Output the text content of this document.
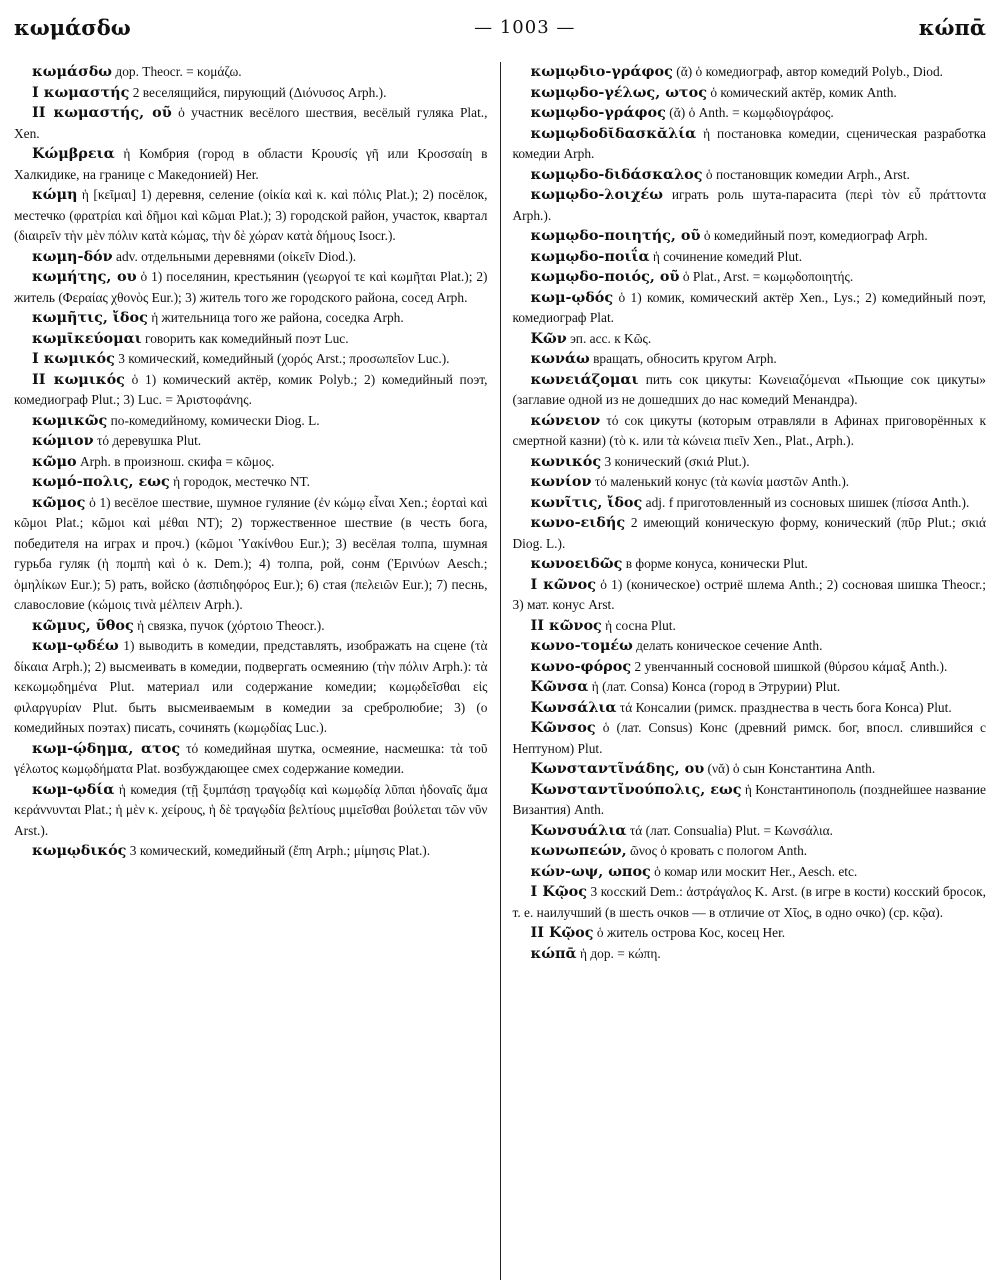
κωμάσδω	— 1003 —	κώπᾱ

κωμάσδω дор. Theocr. = κομάζω.

I κωμαστής 2 веселящийся, пирующий (Διόνυσος Arph.).

II κωμαστής, οῦ ὁ участник весёлого шествия, весёлый гуляка Plat., Xen.

Κώμβρεια ἡ Комбрия (город в области Κρουσίς γῆ или Κροσσαίη в Халкидике, на границе с Македонией) Her.

κώμη ἡ [κεῖμαι] 1) деревня, селение (οἰκία καὶ κ. καὶ πόλις Plat.); 2) посёлок, местечко (φρατρίαι καὶ δῆμοι καὶ κῶμαι Plat.); 3) городской район, участок, квартал (διαιρεῖν τὴν μὲν πόλιν κατὰ κώμας, τὴν δὲ χώραν κατὰ δήμους Isocr.).

κωμη-δόν adv. отдельными деревнями (οἰκεῖν Diod.).

κωμήτης, ου ὁ 1) поселянин, крестьянин (γεωργοί τε καὶ κωμῆται Plat.); 2) житель (Φεραίας χθονὸς Eur.); 3) житель того же городского района, сосед Arph.

κωμῆτις, ἴδος ἡ жительница того же района, соседка Arph.

κωμῑκεύομαι говорить как комедийный поэт Luc.

I κωμικός 3 комический, комедийный (χορός Arst.; προσωπεῖον Luc.).

II κωμικός ὁ 1) комический актёр, комик Polyb.; 2) комедийный поэт, комедиограф Plut.; 3) Luc. = Ἀριστοφάνης.

κωμικῶς по-комедийному, комически Diog. L.

κώμιον τό деревушка Plut.

κῶμο Arph. в произнош. скифа = κῶμος.

κωμό-πολις, εως ἡ городок, местечко NT.

κῶμος ὁ 1) весёлое шествие, шумное гуляние (ἐν κώμῳ εἶναι Xen.; ἑορταὶ καὶ κῶμοι Plat.; κῶμοι καὶ μέθαι NT); 2) торжественное шествие (в честь бога, победителя на играх и проч.) (κῶμοι Ὑακίνθου Eur.); 3) весёлая толпа, шумная гурьба гуляк (ἡ πομπὴ καὶ ὁ κ. Dem.); 4) толпа, рой, сонм (Ἐρινύων Aesch.; ὁμηλίκων Eur.); 5) рать, войско (ἀσπιδηφόρος Eur.); 6) стая (πελειῶν Eur.); 7) песнь, славословие (κώμοις τινὰ μέλπειν Arph.).

κῶμυς, ῦθος ἡ связка, пучок (χόρτοιο Theocr.).

κωμ-ῳδέω 1) выводить в комедии, представлять, изображать на сцене (τὰ δίκαια Arph.); 2) высмеивать в комедии, подвергать осмеянию (τὴν πόλιν Arph.): τὰ κεκωμῳδημένα Plut. материал или содержание комедии; κωμῳδεῖσθαι εἰς φιλαργυρίαν Plut. быть высмеиваемым в комедии за сребролюбие; 3) (о комедийных поэтах) писать, сочинять (κωμῳδίας Luc.).

κωμ-ῴδημα, ατος τό комедийная шутка, осмеяние, насмешка: τὰ τοῦ γέλωτος κωμῳδήματα Plat. возбуждающее смех содержание комедии.

κωμ-ῳδία ἡ комедия (τῇ ξυμπάσῃ τραγῳδίᾳ καὶ κωμῳδίᾳ λῦπαι ἡδοναῖς ἅμα κεράννυνται Plat.; ἡ μὲν κ. χείρους, ἡ δὲ τραγῳδία βελτίους μιμεῖσθαι βούλεται τῶν νῦν Arst.).

κωμῳδικός 3 комический, комедийный (ἔπη Arph.; μίμησις Plat.).

κωμῳδιο-γράφος (ᾰ) ὁ комедиограф, автор комедий Polyb., Diod.

κωμῳδο-γέλως, ωτος ὁ комический актёр, комик Anth.

κωμῳδο-γράφος (ᾰ) ὁ Anth. = κωμῳδιογράφος.

κωμῳδοδῐδασκᾰλία ἡ постановка комедии, сценическая разработка комедии Arph.

κωμῳδο-διδάσκαλος ὁ постановщик комедии Arph., Arst.

κωμῳδο-λοιχέω играть роль шута-парасита (περὶ τὸν εὖ πράττοντα Arph.).

κωμῳδο-ποιητής, οῦ ὁ комедийный поэт, комедиограф Arph.

κωμῳδο-ποιΐα ἡ сочинение комедий Plut.

κωμῳδο-ποιός, οῦ ὁ Plat., Arst. = κωμῳδοποιητής.

κωμ-ῳδός ὁ 1) комик, комический актёр Xen., Lys.; 2) комедийный поэт, комедиограф Plat.

Κῶν эп. acc. к Κῶς.

κωνάω вращать, обносить кругом Arph.

κωνειάζομαι пить сок цикуты: Κωνειαζόμεναι «Пьющие сок цикуты» (заглавие одной из не дошедших до нас комедий Менандра).

κώνειον τό сок цикуты (которым отравляли в Афинах приговорённых к смертной казни) (τὸ κ. или τὰ κώνεια πιεῖν Xen., Plat., Arph.).

κωνικός 3 конический (σκιά Plut.).

κωνίον τό маленький конус (τὰ κωνία μαστῶν Anth.).

κωνῖτις, ἴδος adj. f приготовленный из сосновых шишек (πίσσα Anth.).

κωνο-ειδής 2 имеющий коническую форму, конический (πῦρ Plut.; σκιά Diog. L.).

κωνοειδῶς в форме конуса, конически Plut.

I κῶνος ὁ 1) (коническое) остриё шлема Anth.; 2) сосновая шишка Theocr.; 3) мат. конус Arst.

II κῶνος ἡ сосна Plut.

κωνο-τομέω делать коническое сечение Anth.

κωνο-φόρος 2 увенчанный сосновой шишкой (θύρσου κάμαξ Anth.).

Κῶνσα ἡ (лат. Consa) Конса (город в Этрурии) Plut.

Κωνσάλια τά Консалии (римск. празднества в честь бога Конса) Plut.

Κῶνσος ὁ (лат. Consus) Конс (древний римск. бог, впосл. слившийся с Нептуном) Plut.

Κωνσταντῖνάδης, ου (νᾰ) ὁ сын Константина Anth.

Κωνσταντῖνούπολις, εως ἡ Константинополь (позднейшее название Византия) Anth.

Κωνσυάλια τά (лат. Consualia) Plut. = Κωνσάλια.

κωνωπεών, ῶνος ὁ кровать с пологом Anth.

κών-ωψ, ωπος ὁ комар или москит Her., Aesch. etc.

I Κῷος 3 косский Dem.: ἀστράγαλος Κ. Arst. (в игре в кости) косский бросок, т. е. наилучший (в шесть очков — в отличие от Χῖος, в одно очко) (ср. κῷα).

II Κῷος ὁ житель острова Кос, косец Her.

κώπᾱ ἡ дор. = κώπη.
